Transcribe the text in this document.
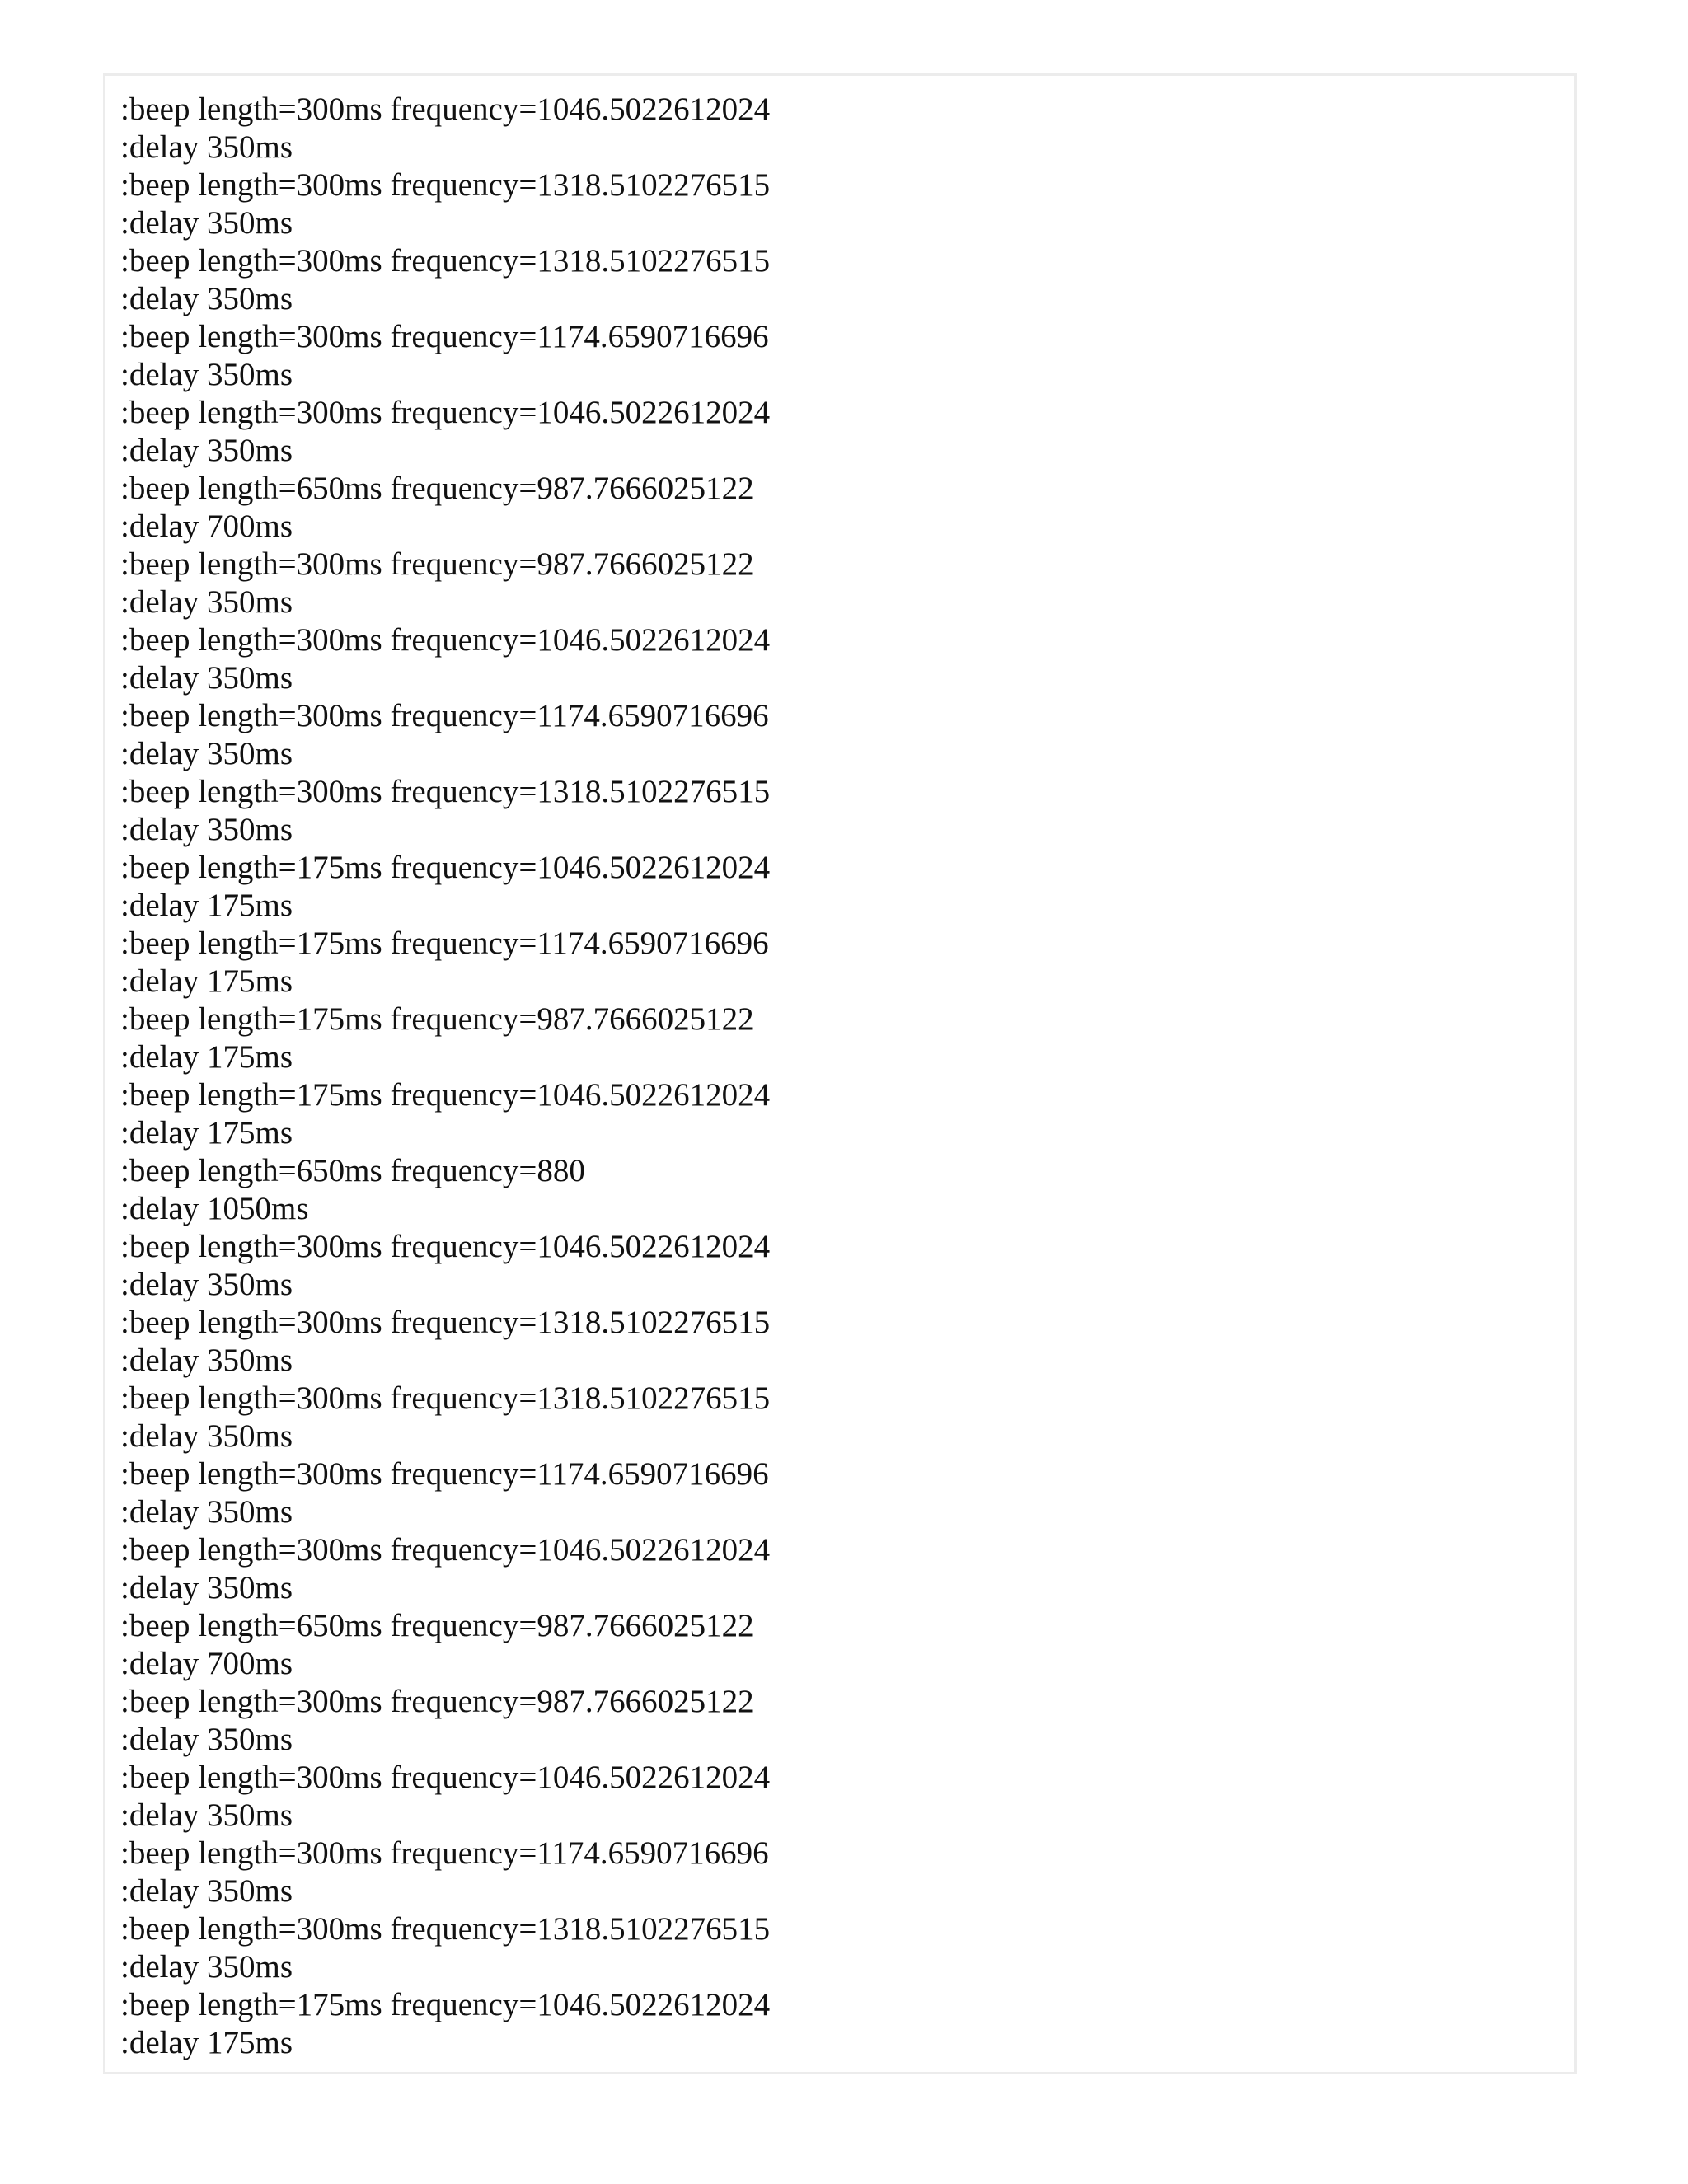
:beep length=300ms frequency=1046.5022612024
:delay 350ms
:beep length=300ms frequency=1318.5102276515
:delay 350ms
:beep length=300ms frequency=1318.5102276515
:delay 350ms
:beep length=300ms frequency=1174.6590716696
:delay 350ms
:beep length=300ms frequency=1046.5022612024
:delay 350ms
:beep length=650ms frequency=987.7666025122
:delay 700ms
:beep length=300ms frequency=987.7666025122
:delay 350ms
:beep length=300ms frequency=1046.5022612024
:delay 350ms
:beep length=300ms frequency=1174.6590716696
:delay 350ms
:beep length=300ms frequency=1318.5102276515
:delay 350ms
:beep length=175ms frequency=1046.5022612024
:delay 175ms
:beep length=175ms frequency=1174.6590716696
:delay 175ms
:beep length=175ms frequency=987.7666025122
:delay 175ms
:beep length=175ms frequency=1046.5022612024
:delay 175ms
:beep length=650ms frequency=880
:delay 1050ms
:beep length=300ms frequency=1046.5022612024
:delay 350ms
:beep length=300ms frequency=1318.5102276515
:delay 350ms
:beep length=300ms frequency=1318.5102276515
:delay 350ms
:beep length=300ms frequency=1174.6590716696
:delay 350ms
:beep length=300ms frequency=1046.5022612024
:delay 350ms
:beep length=650ms frequency=987.7666025122
:delay 700ms
:beep length=300ms frequency=987.7666025122
:delay 350ms
:beep length=300ms frequency=1046.5022612024
:delay 350ms
:beep length=300ms frequency=1174.6590716696
:delay 350ms
:beep length=300ms frequency=1318.5102276515
:delay 350ms
:beep length=175ms frequency=1046.5022612024
:delay 175ms
